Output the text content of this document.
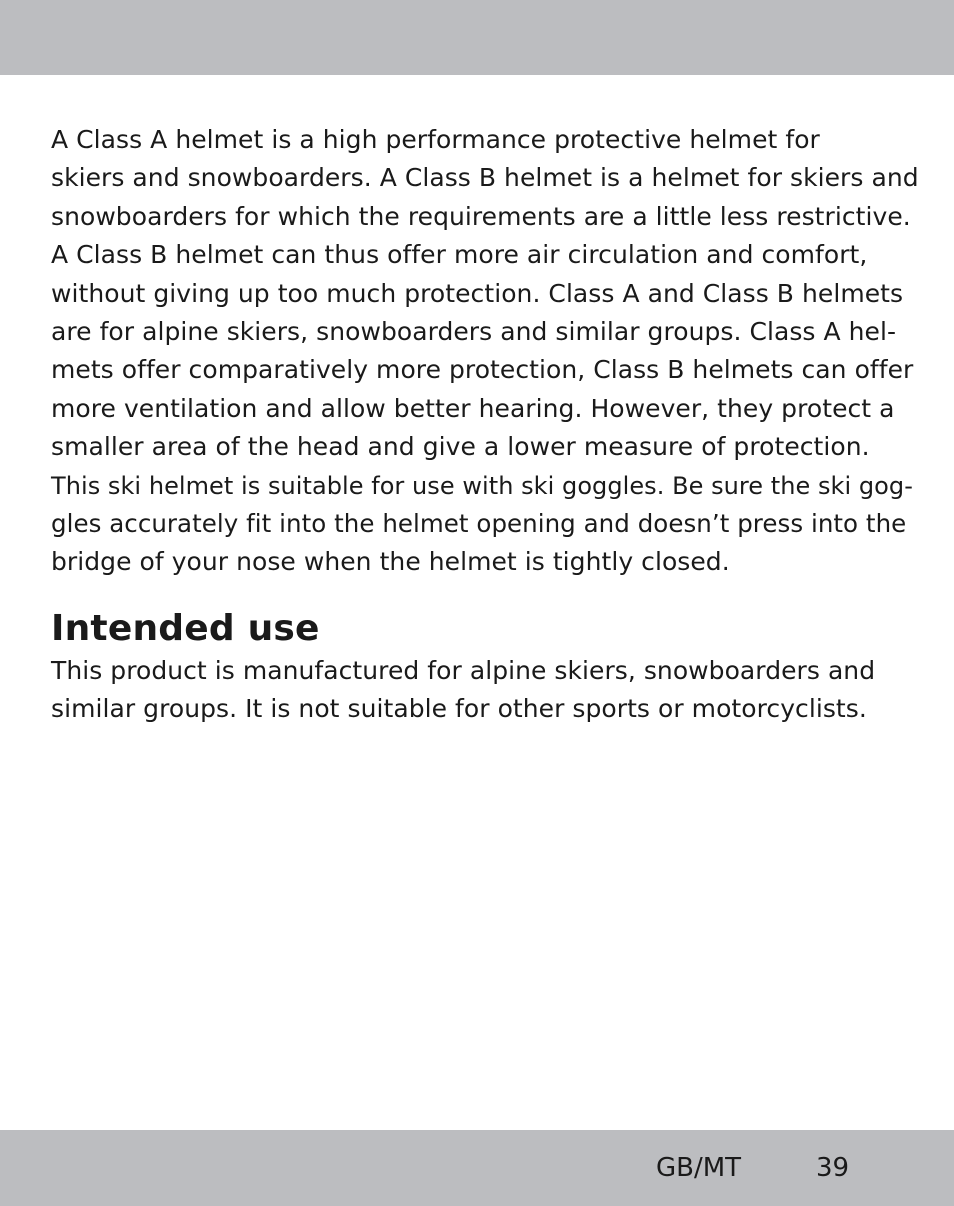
A Class A helmet is a high performance protective helmet for
skiers and snowboarders. A Class B helmet is a helmet for skiers and
snowboarders for which the requirements are a little less restrictive.
A Class B helmet can thus offer more air circulation and comfort,
without giving up too much protection. Class A and Class B helmets
are for alpine skiers, snowboarders and similar groups. Class A hel-
mets offer comparatively more protection, Class B helmets can offer
more ventilation and allow better hearing. However, they protect a
smaller area of the head and give a lower measure of protection.
This ski helmet is suitable for use with ski goggles. Be sure the ski gog-
gles accurately fit into the helmet opening and doesn’t press into the
bridge of your nose when the helmet is tightly closed.
Intended use
This product is manufactured for alpine skiers, snowboarders and
similar groups. It is not suitable for other sports or motorcyclists.
GB/MT	39
